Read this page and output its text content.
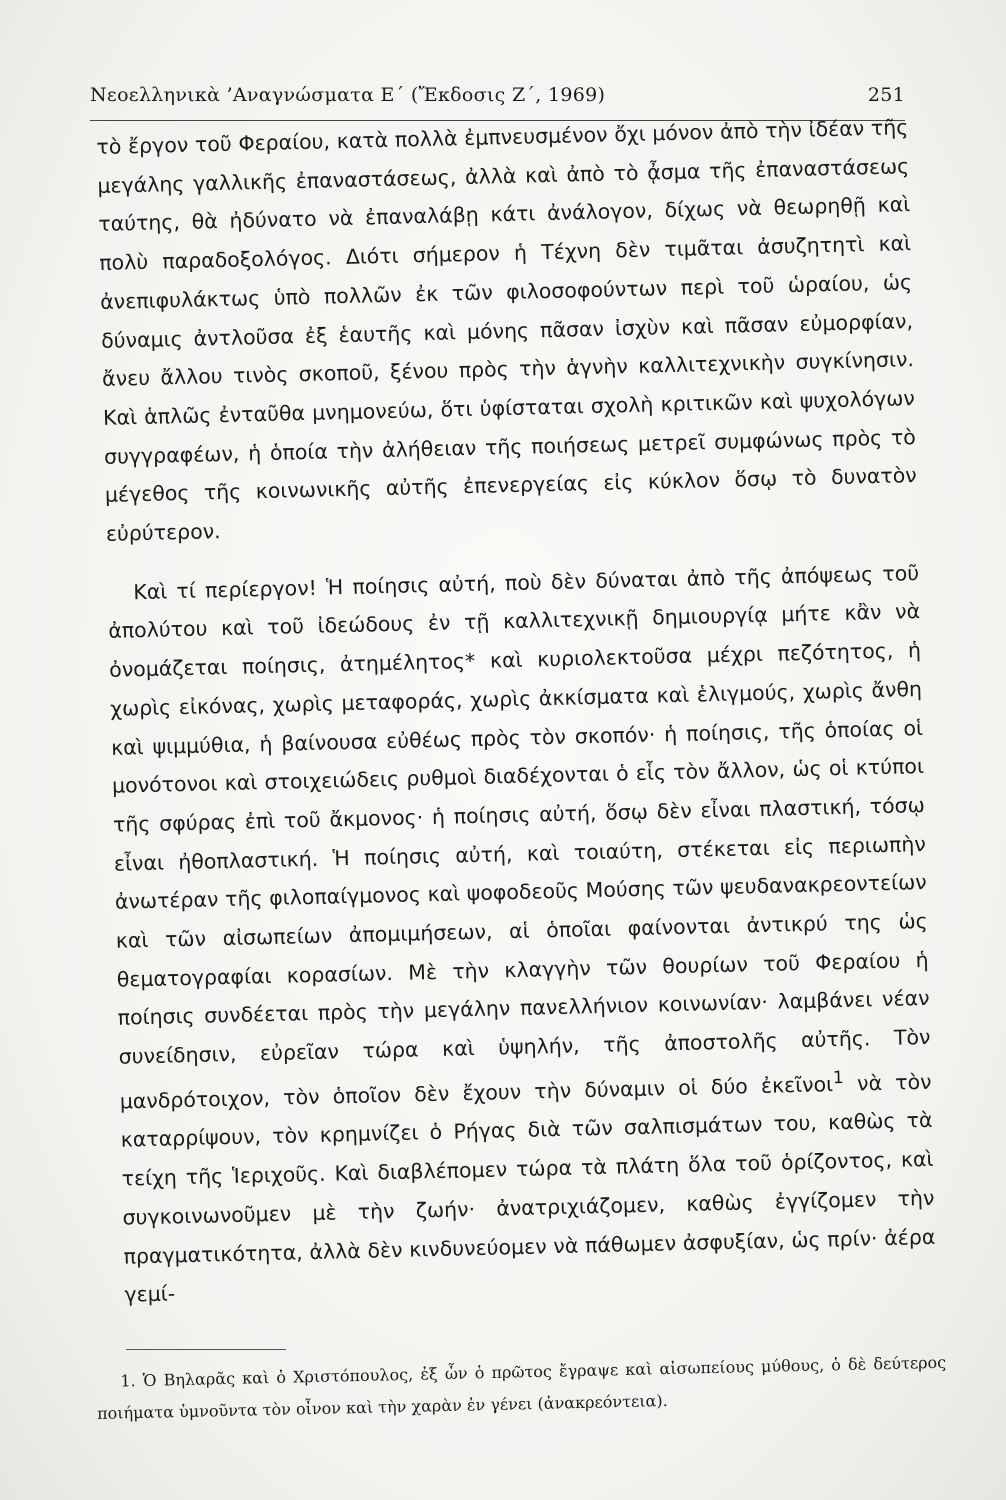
Νεοελληνικὰ ’Αναγνώσματα Ε΄ (Ἔκδοσις Ζ΄, 1969)	251

τὸ ἔργον τοῦ Φεραίου, κατὰ πολλὰ ἐμπνευσμένον ὄχι μόνον ἀπὸ τὴν ἰδέαν τῆς μεγάλης γαλλικῆς ἐπαναστάσεως, ἀλλὰ καὶ ἀπὸ τὸ ᾆσμα τῆς ἐπαναστάσεως ταύτης, θὰ ἠδύνατο νὰ ἐπαναλάβῃ κάτι ἀνάλογον, δίχως νὰ θεωρηθῇ καὶ πολὺ παραδοξολόγος. Διότι σήμερον ἡ Τέχνη δὲν τιμᾶται ἀσυζητητὶ καὶ ἀνεπιφυλάκτως ὑπὸ πολλῶν ἐκ τῶν φιλοσοφούντων περὶ τοῦ ὡραίου, ὡς δύναμις ἀντλοῦσα ἐξ ἑαυτῆς καὶ μόνης πᾶσαν ἰσχὺν καὶ πᾶσαν εὐμορφίαν, ἄνευ ἄλλου τινὸς σκοποῦ, ξένου πρὸς τὴν ἁγνὴν καλλιτεχνικὴν συγκίνησιν. Καὶ ἁπλῶς ἐνταῦθα μνημονεύω, ὅτι ὑφίσταται σχολὴ κριτικῶν καὶ ψυχολόγων συγγραφέων, ἡ ὁποία τὴν ἀλήθειαν τῆς ποιήσεως μετρεῖ συμφώνως πρὸς τὸ μέγεθος τῆς κοινωνικῆς αὐτῆς ἐπενεργείας εἰς κύκλον ὅσῳ τὸ δυνατὸν εὐρύτερον.

Καὶ τί περίεργον! Ἡ ποίησις αὐτή, ποὺ δὲν δύναται ἀπὸ τῆς ἀπόψεως τοῦ ἀπολύτου καὶ τοῦ ἰδεώδους ἐν τῇ καλλιτεχνικῇ δημιουργίᾳ μήτε κἂν νὰ ὀνομάζεται ποίησις, ἀτημέλητος* καὶ κυριολεκτοῦσα μέχρι πεζότητος, ἡ χωρὶς εἰκόνας, χωρὶς μεταφοράς, χωρὶς ἀκκίσματα καὶ ἑλιγμούς, χωρὶς ἄνθη καὶ ψιμμύθια, ἡ βαίνουσα εὐθέως πρὸς τὸν σκοπόν· ἡ ποίησις, τῆς ὁποίας οἱ μονότονοι καὶ στοιχειώδεις ρυθμοὶ διαδέχονται ὁ εἷς τὸν ἄλλον, ὡς οἱ κτύποι τῆς σφύρας ἐπὶ τοῦ ἄκμονος· ἡ ποίησις αὐτή, ὅσῳ δὲν εἶναι πλαστική, τόσῳ εἶναι ἠθοπλαστική. Ἡ ποίησις αὐτή, καὶ τοιαύτη, στέκεται εἰς περιωπὴν ἀνωτέραν τῆς φιλοπαίγμονος καὶ ψοφοδεοῦς Μούσης τῶν ψευδανακρεοντείων καὶ τῶν αἰσωπείων ἀπομιμήσεων, αἱ ὁποῖαι φαίνονται ἀντικρύ της ὡς θεματογραφίαι κορασίων. Μὲ τὴν κλαγγὴν τῶν θουρίων τοῦ Φεραίου ἡ ποίησις συνδέεται πρὸς τὴν μεγάλην πανελλήνιον κοινωνίαν· λαμβάνει νέαν συνείδησιν, εὐρεῖαν τώρα καὶ ὑψηλήν, τῆς ἀποστολῆς αὐτῆς. Τὸν μανδρότοιχον, τὸν ὁποῖον δὲν ἔχουν τὴν δύναμιν οἱ δύο ἐκεῖνοι$^1$ νὰ τὸν καταρρίψουν, τὸν κρημνίζει ὁ Ρήγας διὰ τῶν σαλπισμάτων του, καθὼς τὰ τείχη τῆς Ἱεριχοῦς. Καὶ διαβλέπομεν τώρα τὰ πλάτη ὅλα τοῦ ὁρίζοντος, καὶ συγκοινωνοῦμεν μὲ τὴν ζωήν· ἀνατριχιάζομεν, καθὼς ἐγγίζομεν τὴν πραγματικότητα, ἀλλὰ δὲν κινδυνεύομεν νὰ πάθωμεν ἀσφυξίαν, ὡς πρίν· ἀέρα γεμί-

1. Ὁ Βηλαρᾶς καὶ ὁ Χριστόπουλος, ἐξ ὧν ὁ πρῶτος ἔγραψε καὶ αἰσωπείους μύθους, ὁ δὲ δεύτερος ποιήματα ὑμνοῦντα τὸν οἶνον καὶ τὴν χαρὰν ἐν γένει (ἀνακρεόντεια).
